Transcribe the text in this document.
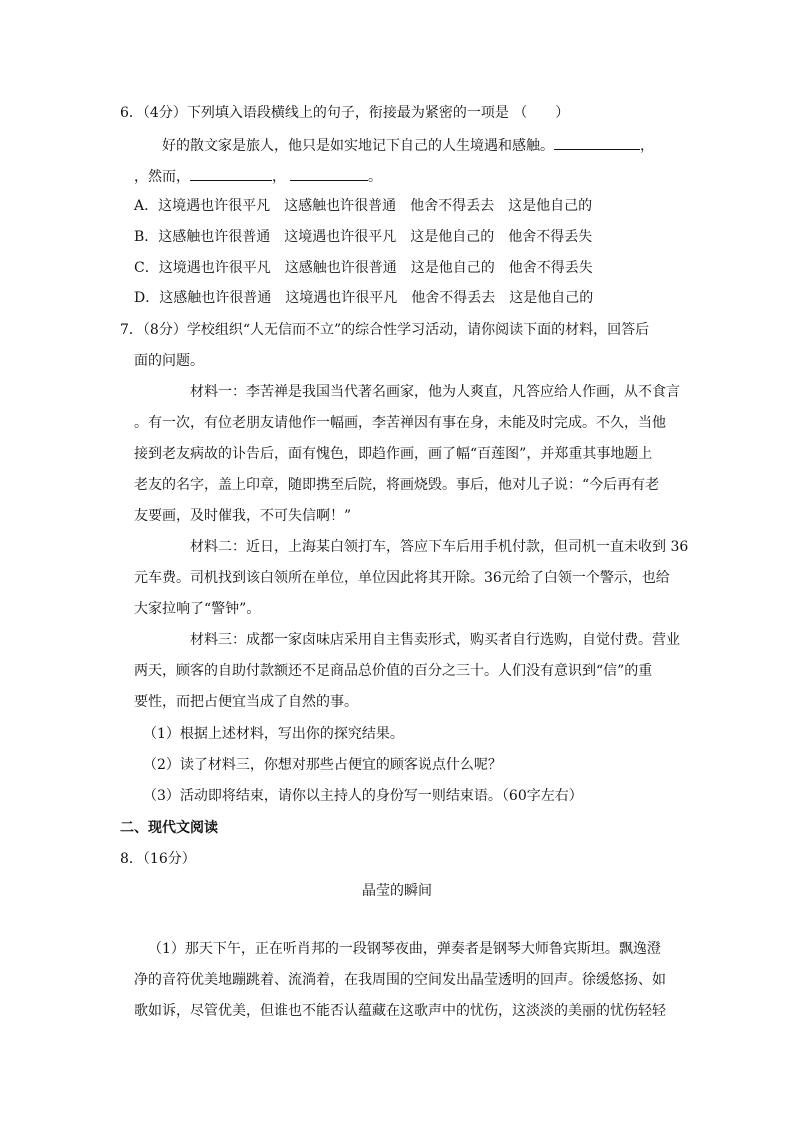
6．（4分）下列填入语段横线上的句子，衔接最为紧密的一项是 （　　）
好的散文家是旅人，他只是如实地记下自己的人生境遇和感触。	，
，然而，	，	。
A．这境遇也许很平凡　这感触也许很普通　他舍不得丢去　这是他自己的
B．这感触也许很普通　这境遇也许很平凡　这是他自己的　他舍不得丢失
C．这境遇也许很平凡　这感触也许很普通　这是他自己的　他舍不得丢失
D．这感触也许很普通　这境遇也许很平凡　他舍不得丢去　这是他自己的
7．（8分）学校组织“人无信而不立”的综合性学习活动，请你阅读下面的材料，回答后
面的问题。
材料一：李苦禅是我国当代著名画家，他为人爽直，凡答应给人作画，从不食言
。有一次，有位老朋友请他作一幅画，李苦禅因有事在身，未能及时完成。不久，当他
接到老友病故的讣告后，面有愧色，即趋作画，画了幅“百莲图”，并郑重其事地题上
老友的名字，盖上印章，随即携至后院，将画烧毁。事后，他对儿子说：“今后再有老
友要画，及时催我，不可失信啊！”
材料二：近日，上海某白领打车，答应下车后用手机付款，但司机一直未收到 36
元车费。司机找到该白领所在单位，单位因此将其开除。36元给了白领一个警示，也给
大家拉响了“警钟”。
材料三：成都一家卤味店采用自主售卖形式，购买者自行选购，自觉付费。营业
两天，顾客的自助付款额还不足商品总价值的百分之三十。人们没有意识到“信”的重
要性，而把占便宜当成了自然的事。
（1）根据上述材料，写出你的探究结果。
（2）读了材料三，你想对那些占便宜的顾客说点什么呢？
（3）活动即将结束，请你以主持人的身份写一则结束语。（60字左右）
二、现代文阅读
8．（16分）
晶莹的瞬间
（1）那天下午，正在听肖邦的一段钢琴夜曲，弹奏者是钢琴大师鲁宾斯坦。飘逸澄
净的音符优美地蹦跳着、流淌着，在我周围的空间发出晶莹透明的回声。徐缓悠扬、如
歌如诉，尽管优美，但谁也不能否认蕴藏在这歌声中的忧伤，这淡淡的美丽的忧伤轻轻
